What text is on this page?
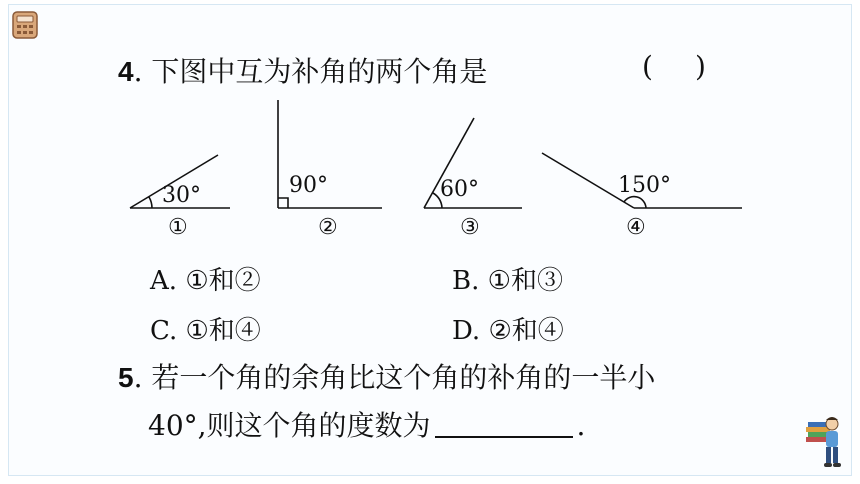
4. 下图中互为补角的两个角是	( )
30°
①
90°
②
60°
③
150°
④
A. ①和②	B. ①和③
C. ①和④	D. ②和④
5. 若一个角的余角比这个角的补角的一半小
40°,则这个角的度数为	.
